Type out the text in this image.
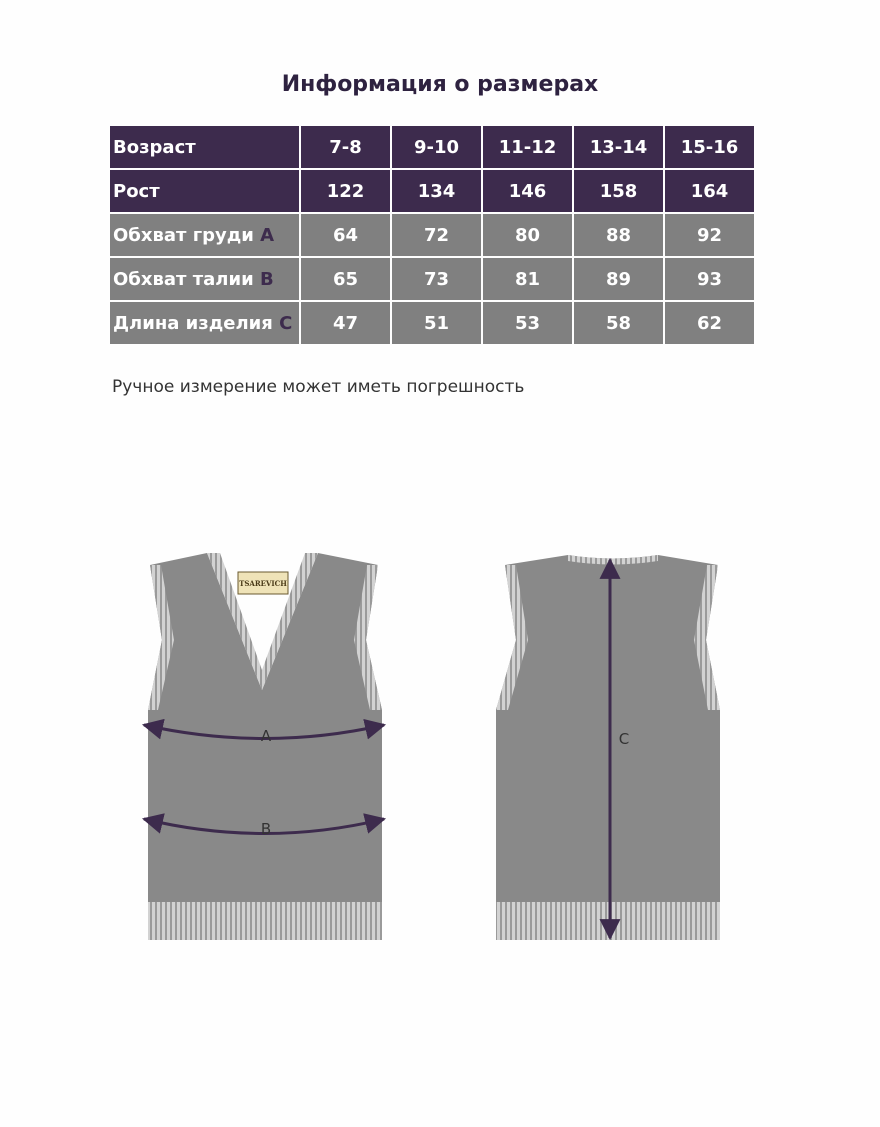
Информация о размерах
Возраст	7-8	9-10	11-12	13-14	15-16
Рост	122	134	146	158	164
Обхват груди A	64	72	80	88	92
Обхват талии B	65	73	81	89	93
Длина изделия C	47	51	53	58	62
Ручное измерение может иметь погрешность
TSAREVICH
A
B
C
